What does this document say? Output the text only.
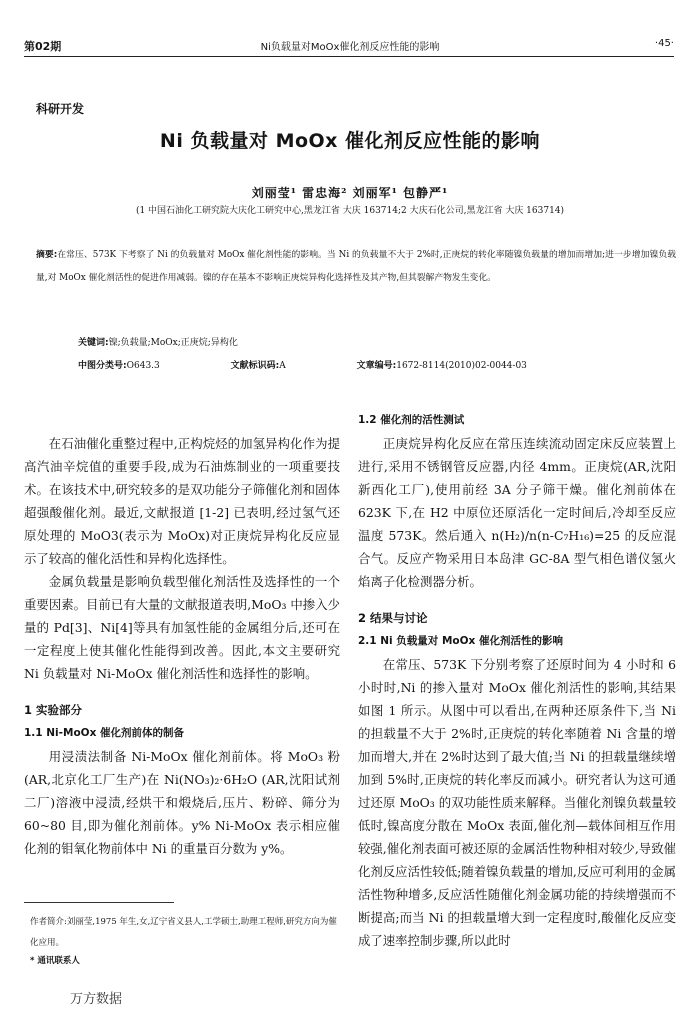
第02期	Ni负载量对MoOx催化剂反应性能的影响	·45·
科研开发
Ni 负载量对 MoOx 催化剂反应性能的影响
刘丽莹¹ 雷忠海² 刘丽军¹ 包静严¹
(1 中国石油化工研究院大庆化工研究中心,黑龙江省 大庆 163714;2 大庆石化公司,黑龙江省 大庆 163714)
摘要:在常压、573K 下考察了 Ni 的负载量对 MoOx 催化剂性能的影响。当 Ni 的负载量不大于 2%时,正庚烷的转化率随镍负载量的增加而增加;进一步增加镍负载量,对 MoOx 催化剂活性的促进作用减弱。镍的存在基本不影响正庚烷异构化选择性及其产物,但其裂解产物发生变化。
关键词:镍;负载量;MoOx;正庚烷;异构化
中图分类号:O643.3	文献标识码:A	文章编号:1672-8114(2010)02-0044-03

在石油催化重整过程中,正构烷烃的加氢异构化作为提高汽油辛烷值的重要手段,成为石油炼制业的一项重要技术。在该技术中,研究较多的是双功能分子筛催化剂和固体超强酸催化剂。最近,文献报道 [1-2] 已表明,经过氢气还原处理的 MoO3(表示为 MoOx)对正庚烷异构化反应显示了较高的催化活性和异构化选择性。

金属负载量是影响负载型催化剂活性及选择性的一个重要因素。目前已有大量的文献报道表明,MoO₃ 中掺入少量的 Pd[3]、Ni[4]等具有加氢性能的金属组分后,还可在一定程度上使其催化性能得到改善。因此,本文主要研究 Ni 负载量对 Ni-MoOx 催化剂活性和选择性的影响。

1 实验部分
1.1 Ni-MoOx 催化剂前体的制备

用浸渍法制备 Ni-MoOx 催化剂前体。将 MoO₃ 粉(AR,北京化工厂生产)在 Ni(NO₃)₂·6H₂O (AR,沈阳试剂二厂)溶液中浸渍,经烘干和煅烧后,压片、粉碎、筛分为 60~80 目,即为催化剂前体。y% Ni-MoOx 表示相应催化剂的钼氧化物前体中 Ni 的重量百分数为 y%。

1.2 催化剂的活性测试

正庚烷异构化反应在常压连续流动固定床反应装置上进行,采用不锈钢管反应器,内径 4mm。正庚烷(AR,沈阳新西化工厂),使用前经 3A 分子筛干燥。催化剂前体在 623K 下,在 H2 中原位还原活化一定时间后,冷却至反应温度 573K。然后通入 n(H₂)/n(n-C₇H₁₆)=25 的反应混合气。反应产物采用日本岛津 GC-8A 型气相色谱仪氢火焰离子化检测器分析。

2 结果与讨论
2.1 Ni 负载量对 MoOx 催化剂活性的影响

在常压、573K 下分别考察了还原时间为 4 小时和 6 小时时,Ni 的掺入量对 MoOx 催化剂活性的影响,其结果如图 1 所示。从图中可以看出,在两种还原条件下,当 Ni 的担载量不大于 2%时,正庚烷的转化率随着 Ni 含量的增加而增大,并在 2%时达到了最大值;当 Ni 的担载量继续增加到 5%时,正庚烷的转化率反而减小。研究者认为这可通过还原 MoO₃ 的双功能性质来解释。当催化剂镍负载量较低时,镍高度分散在 MoOx 表面,催化剂—载体间相互作用较强,催化剂表面可被还原的金属活性物种相对较少,导致催化剂反应活性较低;随着镍负载量的增加,反应可利用的金属活性物种增多,反应活性随催化剂金属功能的持续增强而不断提高;而当 Ni 的担载量增大到一定程度时,酸催化反应变成了速率控制步骤,所以此时

作者简介:刘丽莹,1975 年生,女,辽宁省义县人,工学硕士,助理工程师,研究方向为催化应用。
* 通讯联系人
万方数据
